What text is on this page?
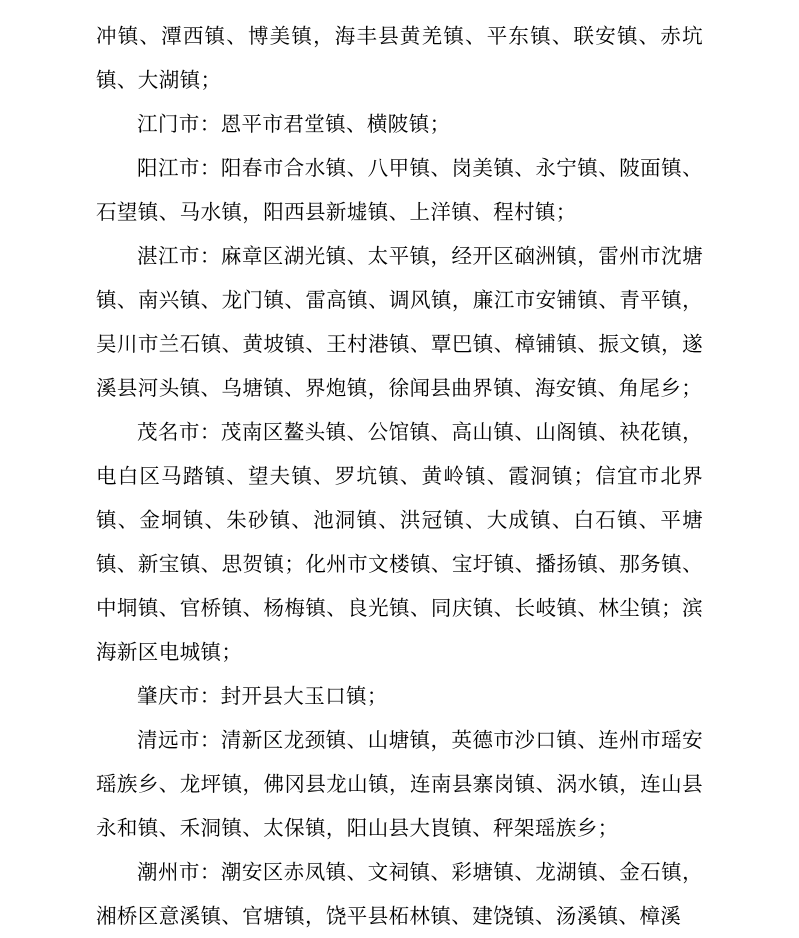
冲镇、潭西镇、博美镇，海丰县黄羌镇、平东镇、联安镇、赤坑镇、大湖镇；

江门市：恩平市君堂镇、横陂镇；

阳江市：阳春市合水镇、八甲镇、岗美镇、永宁镇、陂面镇、石望镇、马水镇，阳西县新墟镇、上洋镇、程村镇；

湛江市：麻章区湖光镇、太平镇，经开区硇洲镇，雷州市沈塘镇、南兴镇、龙门镇、雷高镇、调风镇，廉江市安铺镇、青平镇，吴川市兰石镇、黄坡镇、王村港镇、覃巴镇、樟铺镇、振文镇，遂溪县河头镇、乌塘镇、界炮镇，徐闻县曲界镇、海安镇、角尾乡；

茂名市：茂南区鳌头镇、公馆镇、高山镇、山阁镇、袂花镇，电白区马踏镇、望夫镇、罗坑镇、黄岭镇、霞洞镇；信宜市北界镇、金垌镇、朱砂镇、池洞镇、洪冠镇、大成镇、白石镇、平塘镇、新宝镇、思贺镇；化州市文楼镇、宝圩镇、播扬镇、那务镇、中垌镇、官桥镇、杨梅镇、良光镇、同庆镇、长岐镇、林尘镇；滨海新区电城镇；

肇庆市：封开县大玉口镇；

清远市：清新区龙颈镇、山塘镇，英德市沙口镇、连州市瑶安瑶族乡、龙坪镇，佛冈县龙山镇，连南县寨岗镇、涡水镇，连山县永和镇、禾洞镇、太保镇，阳山县大崀镇、秤架瑶族乡；

潮州市：潮安区赤凤镇、文祠镇、彩塘镇、龙湖镇、金石镇，湘桥区意溪镇、官塘镇，饶平县柘林镇、建饶镇、汤溪镇、樟溪
